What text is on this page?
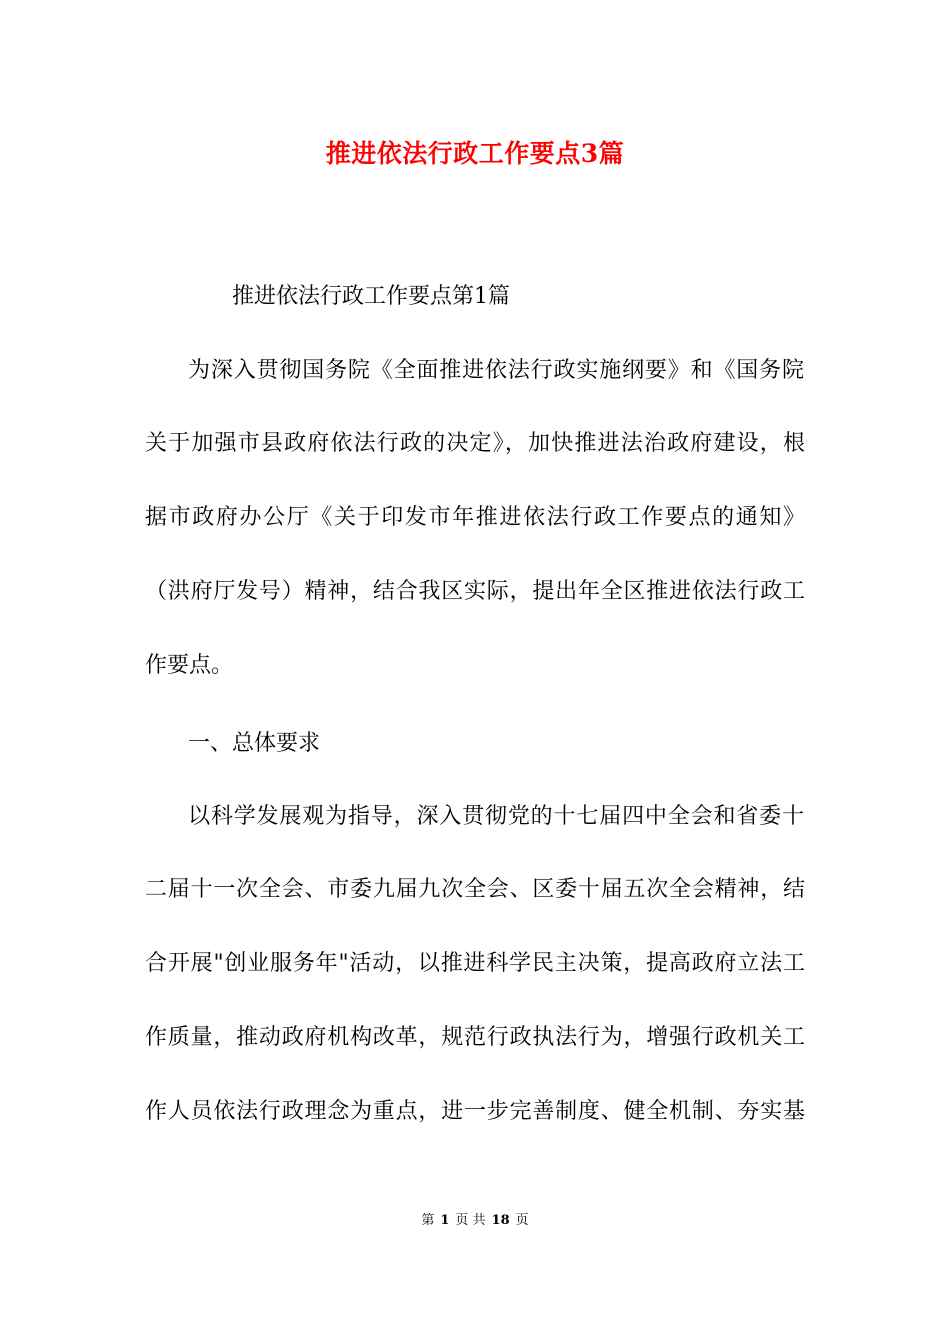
推进依法行政工作要点3篇

推进依法行政工作要点第1篇

为深入贯彻国务院《全面推进依法行政实施纲要》和《国务院

关于加强市县政府依法行政的决定》，加快推进法治政府建设，根

据市政府办公厅《关于印发市年推进依法行政工作要点的通知》

（洪府厅发号）精神，结合我区实际，提出年全区推进依法行政工

作要点。

一、总体要求

以科学发展观为指导，深入贯彻党的十七届四中全会和省委十

二届十一次全会、市委九届九次全会、区委十届五次全会精神，结

合开展"创业服务年"活动，以推进科学民主决策，提高政府立法工

作质量，推动政府机构改革，规范行政执法行为，增强行政机关工

作人员依法行政理念为重点，进一步完善制度、健全机制、夯实基

第 1 页 共 18 页
